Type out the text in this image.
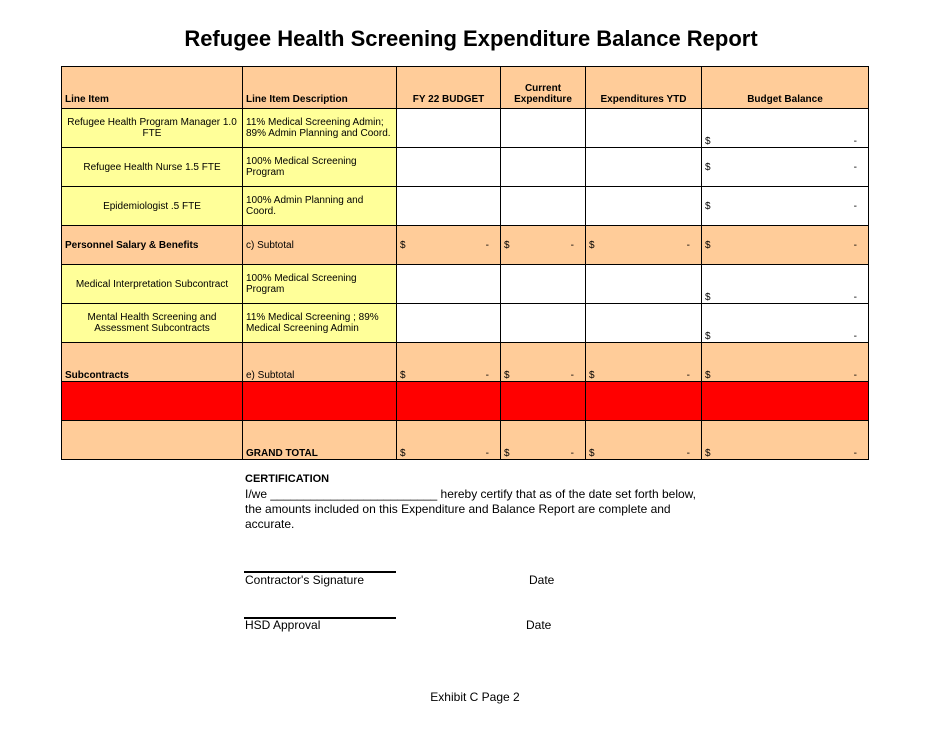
Refugee Health Screening Expenditure Balance Report
Line Item	Line Item Description	FY 22 BUDGET	Current Expenditure	Expenditures YTD	Budget Balance
Refugee Health Program Manager 1.0 FTE	11% Medical Screening Admin; 89% Admin Planning and Coord.				$ -

Refugee Health Nurse 1.5 FTE	100% Medical Screening Program				$ -

Epidemiologist .5 FTE	100% Admin Planning and Coord.				$ -

Personnel Salary & Benefits	c) Subtotal	$ -	$ -	$ -	$ -

Medical Interpretation Subcontract	100% Medical Screening Program				$ -

Mental Health Screening and Assessment Subcontracts	11% Medical Screening ; 89% Medical Screening Admin				$ -

Subcontracts	e) Subtotal	$ -	$ -	$ -	$ -

	GRAND TOTAL	$ -	$ -	$ -	$ -
CERTIFICATION
I/we _________________________ hereby certify that as of the date set forth below, the amounts included on this Expenditure and Balance Report are complete and accurate.
Contractor's Signature	Date
HSD Approval	Date
Exhibit C Page 2
